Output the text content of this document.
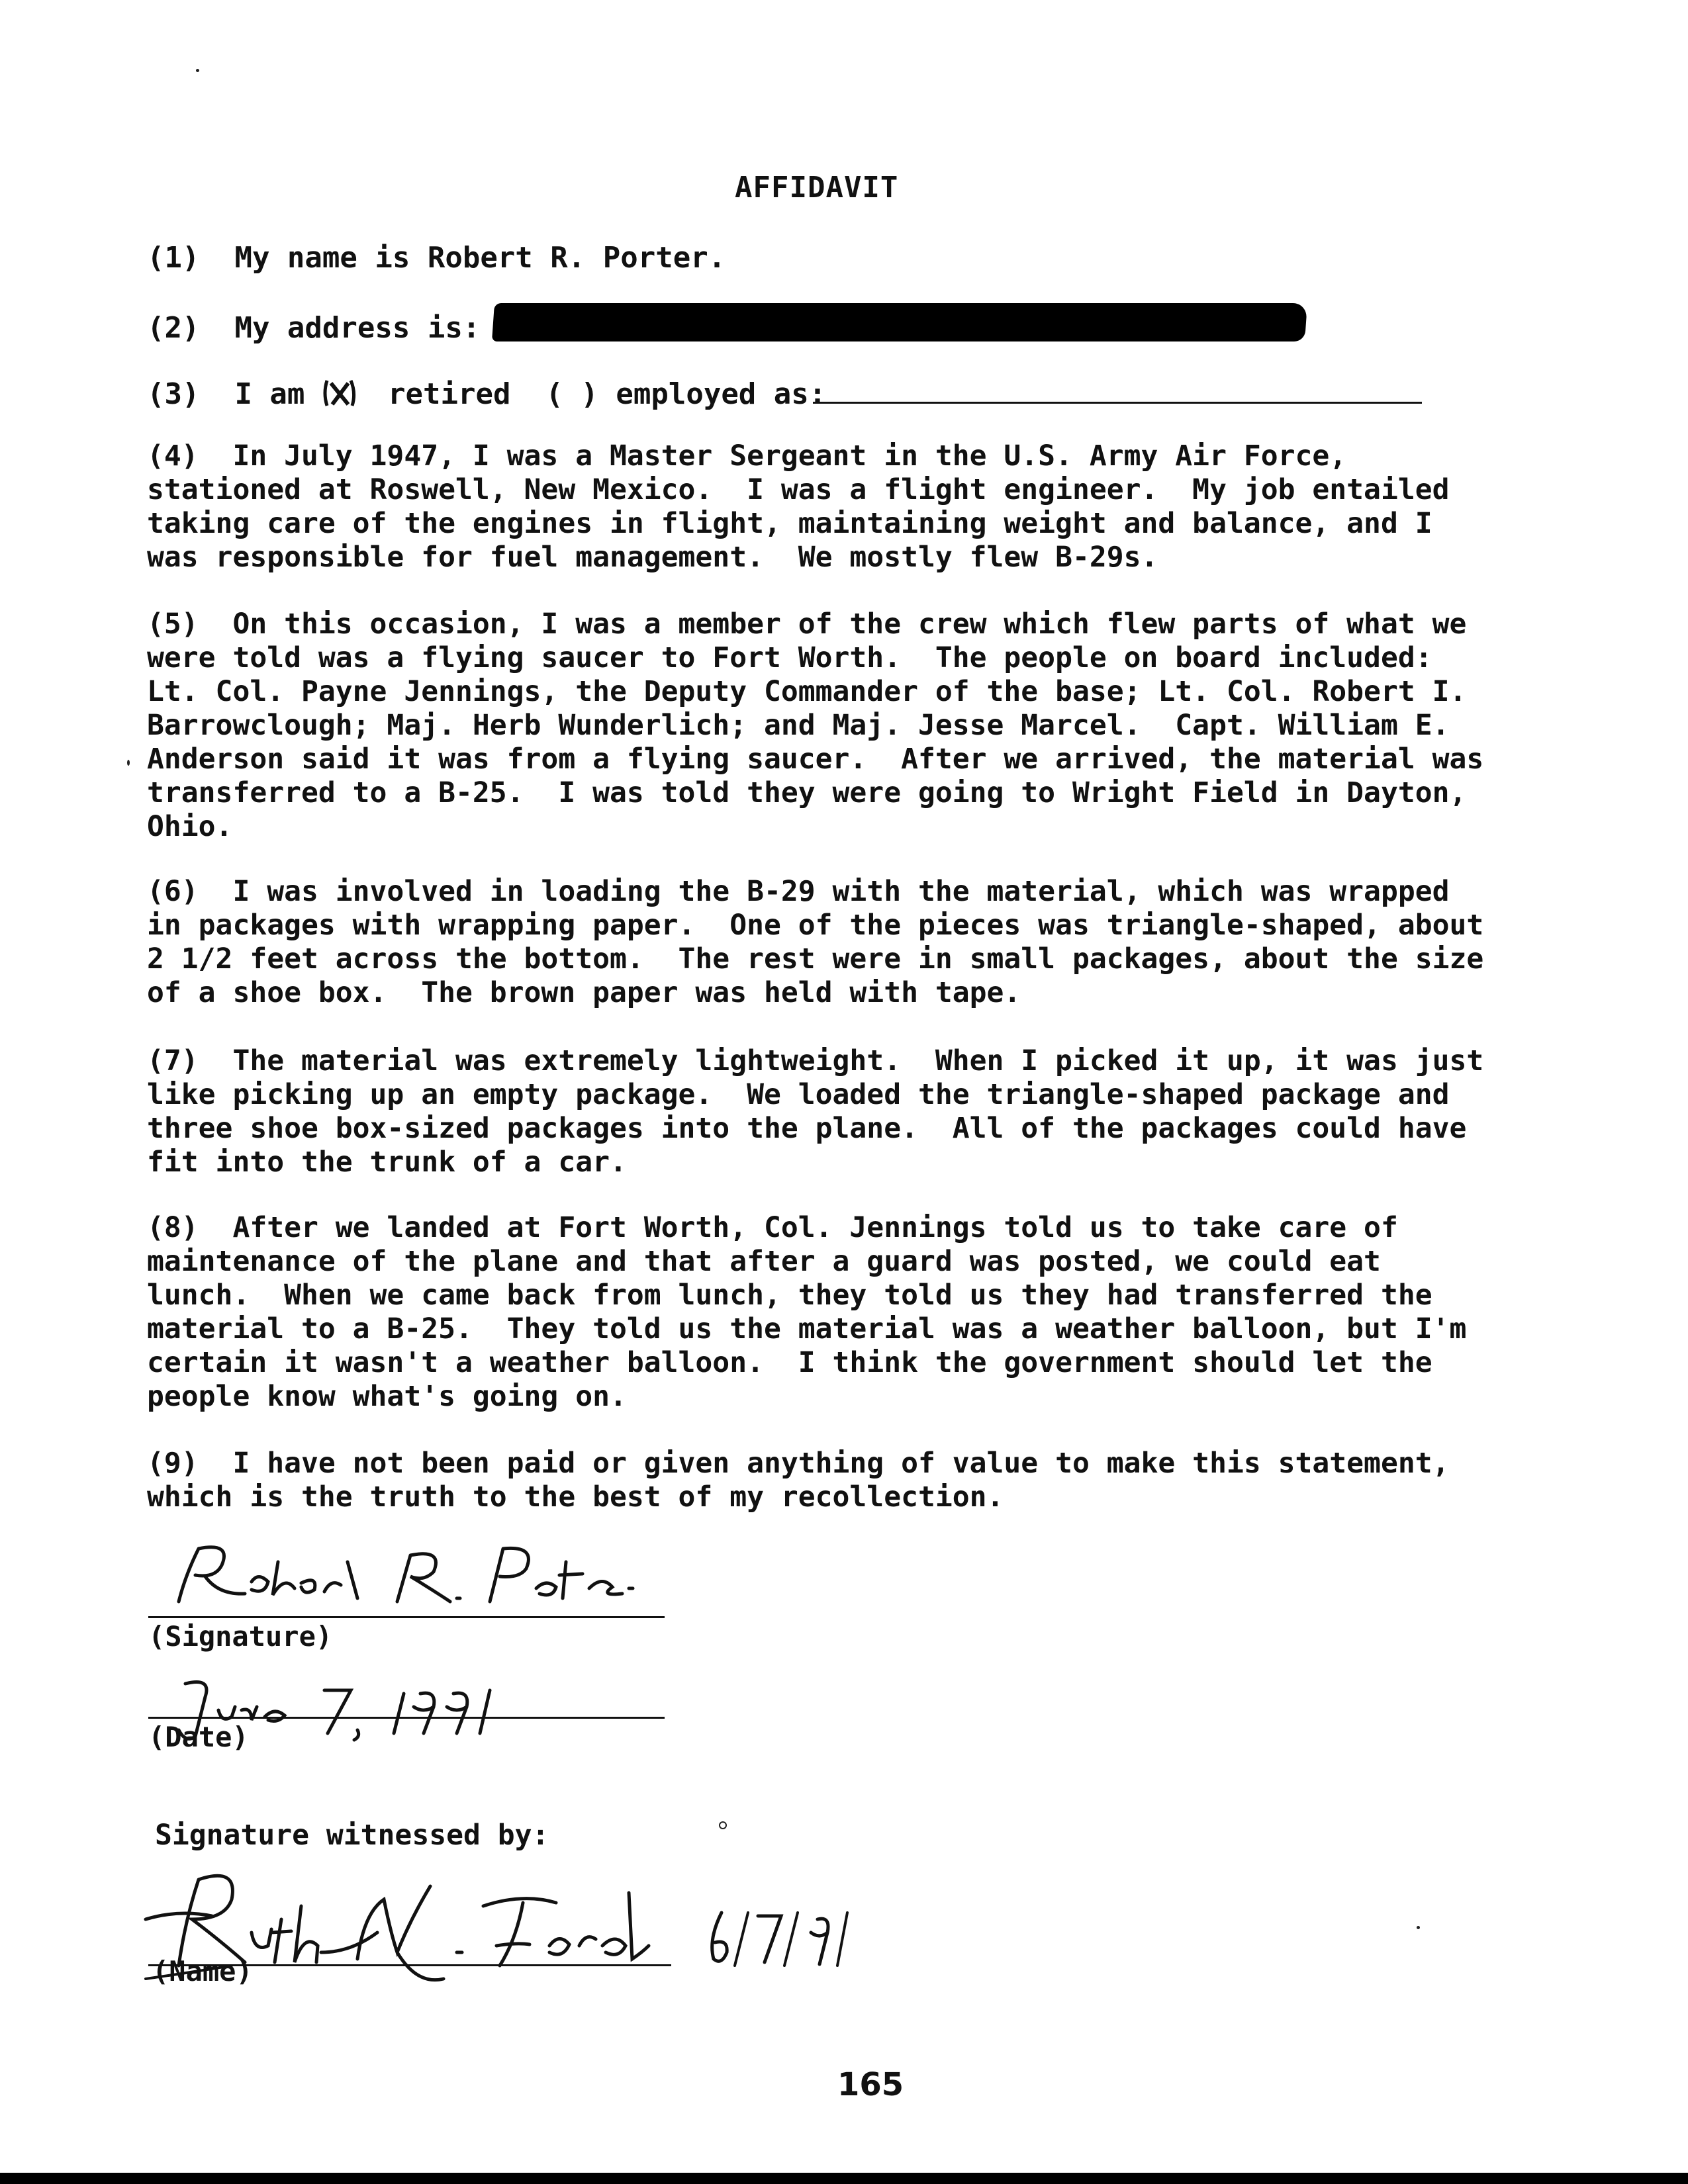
AFFIDAVIT
(1)  My name is Robert R. Porter.
(2)  My address is:
(3)  I am	retired  ( ) employed as:
(4)  In July 1947, I was a Master Sergeant in the U.S. Army Air Force,
stationed at Roswell, New Mexico.  I was a flight engineer.  My job entailed
taking care of the engines in flight, maintaining weight and balance, and I
was responsible for fuel management.  We mostly flew B-29s.
(5)  On this occasion, I was a member of the crew which flew parts of what we
were told was a flying saucer to Fort Worth.  The people on board included:
Lt. Col. Payne Jennings, the Deputy Commander of the base; Lt. Col. Robert I.
Barrowclough; Maj. Herb Wunderlich; and Maj. Jesse Marcel.  Capt. William E.
Anderson said it was from a flying saucer.  After we arrived, the material was
transferred to a B-25.  I was told they were going to Wright Field in Dayton,
Ohio.
(6)  I was involved in loading the B-29 with the material, which was wrapped
in packages with wrapping paper.  One of the pieces was triangle-shaped, about
2 1/2 feet across the bottom.  The rest were in small packages, about the size
of a shoe box.  The brown paper was held with tape.
(7)  The material was extremely lightweight.  When I picked it up, it was just
like picking up an empty package.  We loaded the triangle-shaped package and
three shoe box-sized packages into the plane.  All of the packages could have
fit into the trunk of a car.
(8)  After we landed at Fort Worth, Col. Jennings told us to take care of
maintenance of the plane and that after a guard was posted, we could eat
lunch.  When we came back from lunch, they told us they had transferred the
material to a B-25.  They told us the material was a weather balloon, but I'm
certain it wasn't a weather balloon.  I think the government should let the
people know what's going on.
(9)  I have not been paid or given anything of value to make this statement,
which is the truth to the best of my recollection.
(Signature)
(Date)
Signature witnessed by:
(Name)
165
